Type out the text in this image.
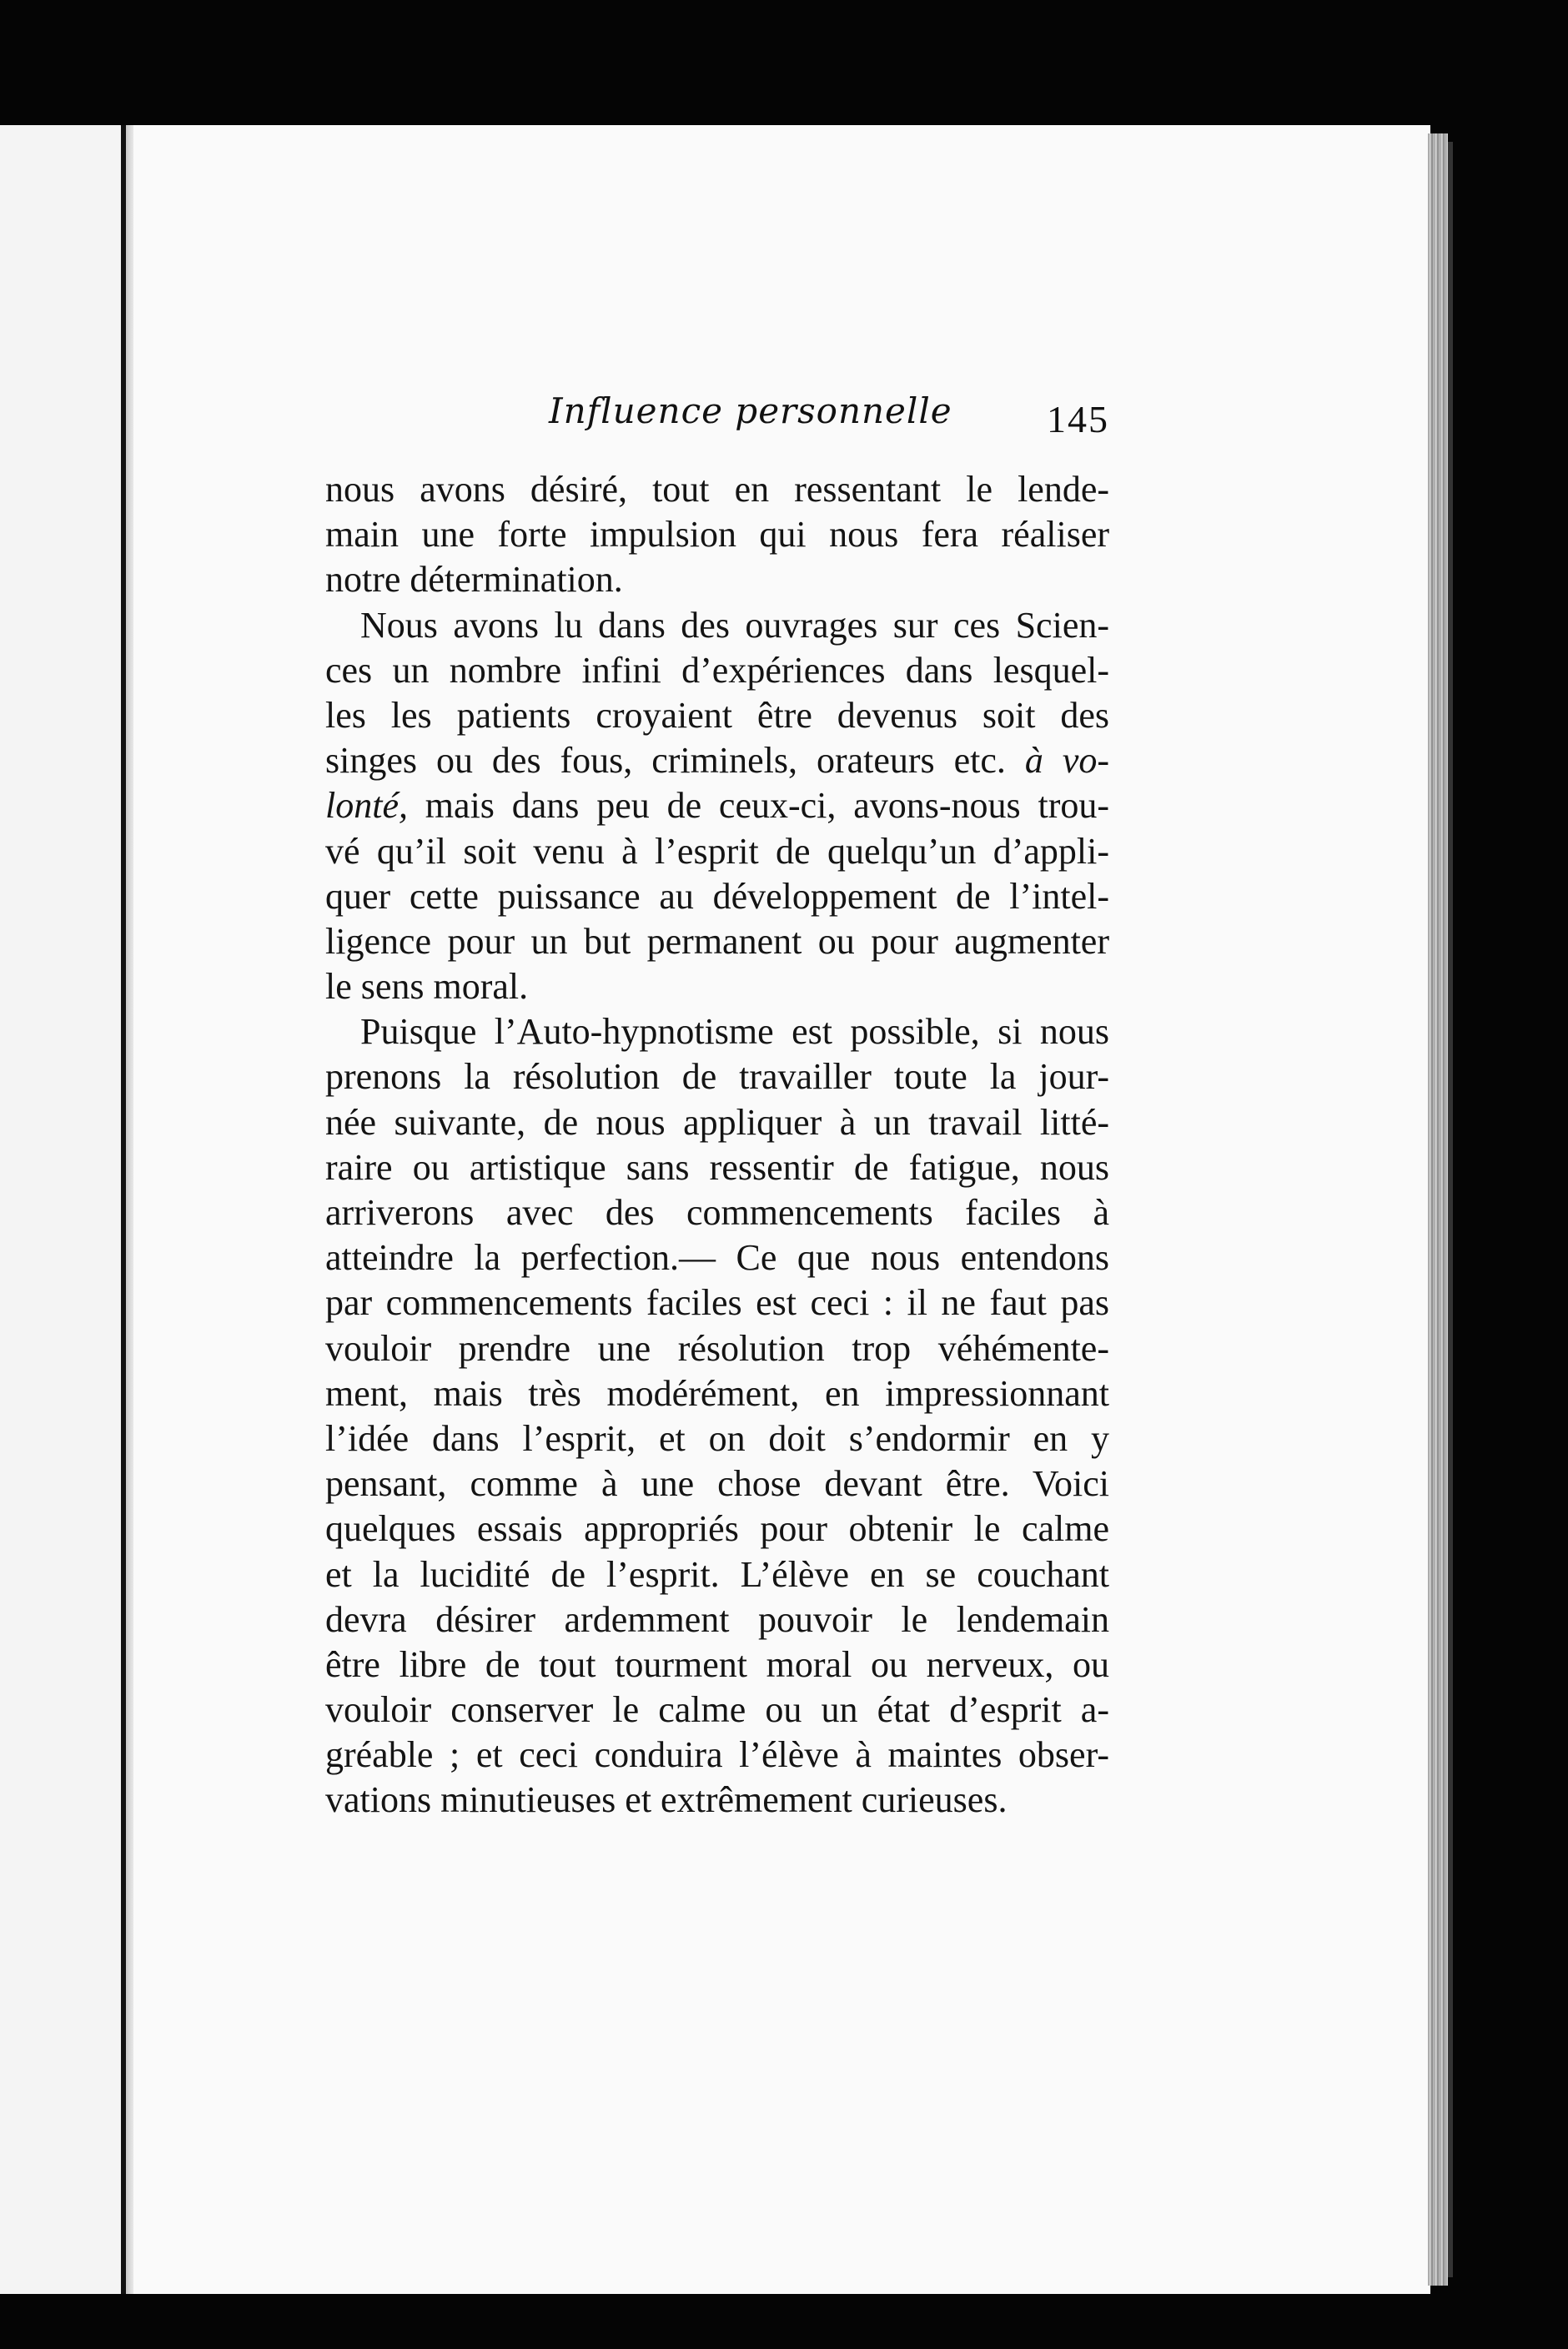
Influence personnelle 145
nous avons désiré, tout en ressentant le lende-
main une forte impulsion qui nous fera réaliser
notre détermination.
Nous avons lu dans des ouvrages sur ces Scien-
ces un nombre infini d’expériences dans lesquel-
les les patients croyaient être devenus soit des
singes ou des fous, criminels, orateurs etc. à vo-
lonté, mais dans peu de ceux-ci, avons-nous trou-
vé qu’il soit venu à l’esprit de quelqu’un d’appli-
quer cette puissance au développement de l’intel-
ligence pour un but permanent ou pour augmenter
le sens moral.
Puisque l’Auto-hypnotisme est possible, si nous
prenons la résolution de travailler toute la jour-
née suivante, de nous appliquer à un travail litté-
raire ou artistique sans ressentir de fatigue, nous
arriverons avec des commencements faciles à
atteindre la perfection.— Ce que nous entendons
par commencements faciles est ceci : il ne faut pas
vouloir prendre une résolution trop véhémente-
ment, mais très modérément, en impressionnant
l’idée dans l’esprit, et on doit s’endormir en y
pensant, comme à une chose devant être. Voici
quelques essais appropriés pour obtenir le calme
et la lucidité de l’esprit. L’élève en se couchant
devra désirer ardemment pouvoir le lendemain
être libre de tout tourment moral ou nerveux, ou
vouloir conserver le calme ou un état d’esprit a-
gréable ; et ceci conduira l’élève à maintes obser-
vations minutieuses et extrêmement curieuses.
